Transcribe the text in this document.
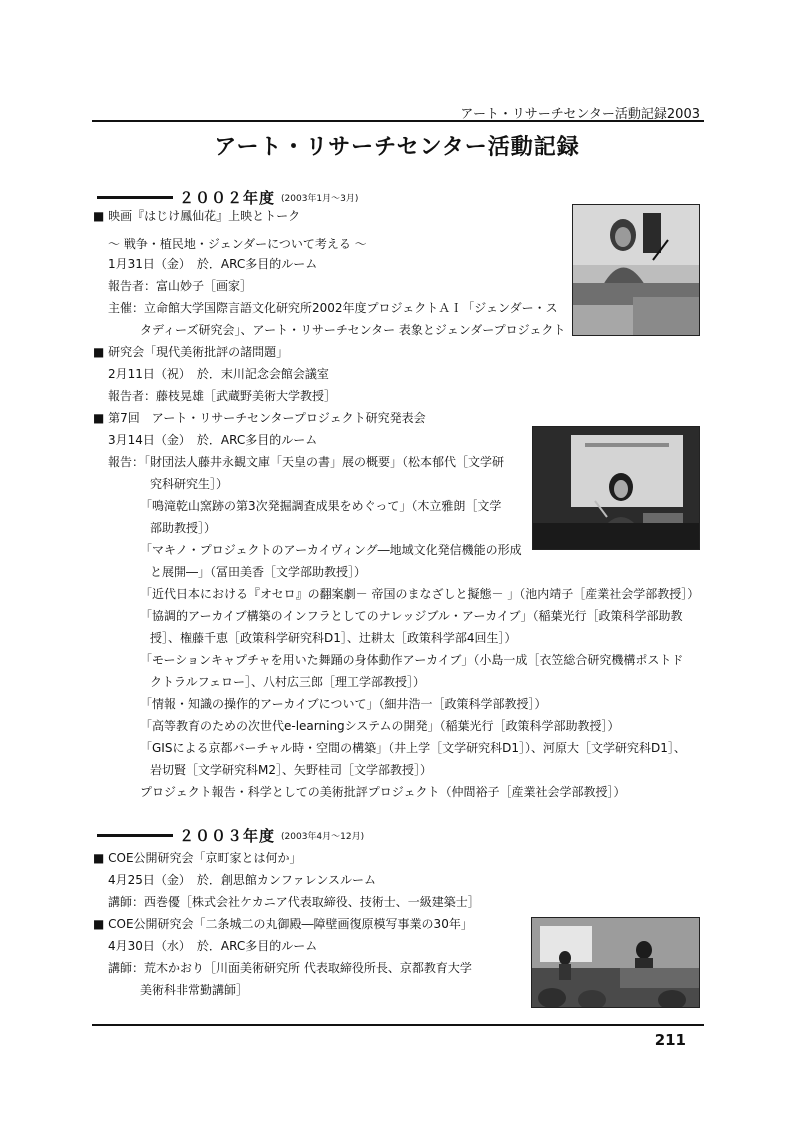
アート・リサーチセンター活動記録2003
アート・リサーチセンター活動記録
２００２年度 (2003年1月～3月)
■ 映画『はじけ鳳仙花』上映とトーク
～ 戦争・植民地・ジェンダーについて考える ～
1月31日（金）　於．ARC多目的ルーム
報告者：富山妙子［画家］
主催：立命館大学国際言語文化研究所2002年度プロジェクトＡＩ「ジェンダー・ス
タディーズ研究会」、アート・リサーチセンター 表象とジェンダープロジェクト
■ 研究会「現代美術批評の諸問題」
2月11日（祝）　於．末川記念会館会議室
報告者：藤枝晃雄［武蔵野美術大学教授］
■ 第7回　アート・リサーチセンタープロジェクト研究発表会
3月14日（金）　於．ARC多目的ルーム
報告：「財団法人藤井永観文庫「天皇の書」展の概要」（松本郁代［文学研
究科研究生］）
「鳴滝乾山窯跡の第3次発掘調査成果をめぐって」（木立雅朗［文学
部助教授］）
「マキノ・プロジェクトのアーカイヴィング―地域文化発信機能の形成
と展開―」（冨田美香［文学部助教授］）
「近代日本における『オセロ』の翻案劇－ 帝国のまなざしと擬態－ 」（池内靖子［産業社会学部教授］）
「協調的アーカイブ構築のインフラとしてのナレッジブル・アーカイブ」（稲葉光行［政策科学部助教
授］、権藤千恵［政策科学研究科D1］、辻耕太［政策科学部4回生］）
「モーションキャプチャを用いた舞踊の身体動作アーカイブ」（小島一成［衣笠総合研究機構ポストド
クトラルフェロー］、八村広三郎［理工学部教授］）
「情報・知識の操作的アーカイブについて」（細井浩一［政策科学部教授］）
「高等教育のための次世代e-learningシステムの開発」（稲葉光行［政策科学部助教授］）
「GISによる京都バーチャル時・空間の構築」（井上学［文学研究科D1］）、河原大［文学研究科D1］、
岩切賢［文学研究科M2］、矢野桂司［文学部教授］）
プロジェクト報告・科学としての美術批評プロジェクト（仲間裕子［産業社会学部教授］）
２００３年度 (2003年4月～12月)
■ COE公開研究会「京町家とは何か」
4月25日（金）　於．創思館カンファレンスルーム
講師：西巻優［株式会社ケカニア代表取締役、技術士、一級建築士］
■ COE公開研究会「二条城二の丸御殿―障壁画復原模写事業の30年」
4月30日（水）　於．ARC多目的ルーム
講師：荒木かおり［川面美術研究所 代表取締役所長、京都教育大学
美術科非常勤講師］
211
